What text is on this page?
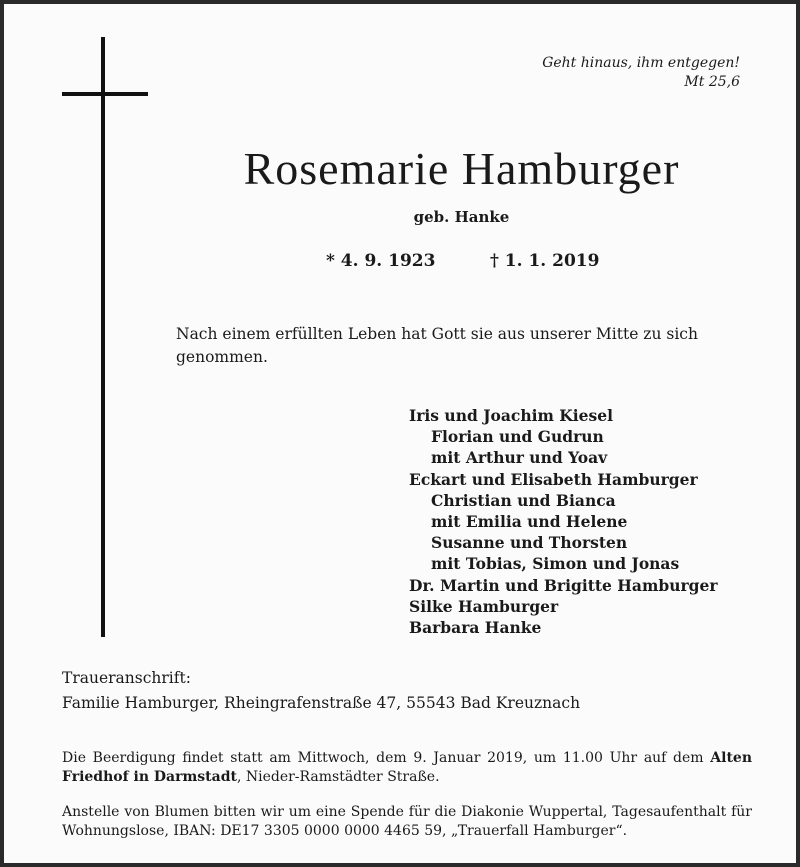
Geht hinaus, ihm entgegen!
Mt 25,6
Rosemarie Hamburger
geb. Hanke
* 4. 9. 1923	† 1. 1. 2019
Nach einem erfüllten Leben hat Gott sie aus unserer Mitte zu sich
genommen.
Iris und Joachim Kiesel
Florian und Gudrun
mit Arthur und Yoav
Eckart und Elisabeth Hamburger
Christian und Bianca
mit Emilia und Helene
Susanne und Thorsten
mit Tobias, Simon und Jonas
Dr. Martin und Brigitte Hamburger
Silke Hamburger
Barbara Hanke
Traueranschrift:
Familie Hamburger, Rheingrafenstraße 47, 55543 Bad Kreuznach
Die Beerdigung findet statt am Mittwoch, dem 9. Januar 2019, um 11.00 Uhr auf dem Alten Friedhof in Darmstadt, Nieder-Ramstädter Straße.
Anstelle von Blumen bitten wir um eine Spende für die Diakonie Wuppertal, Tagesaufenthalt für Wohnungslose, IBAN: DE17 3305 0000 0000 4465 59, „Trauerfall Hamburger“.
